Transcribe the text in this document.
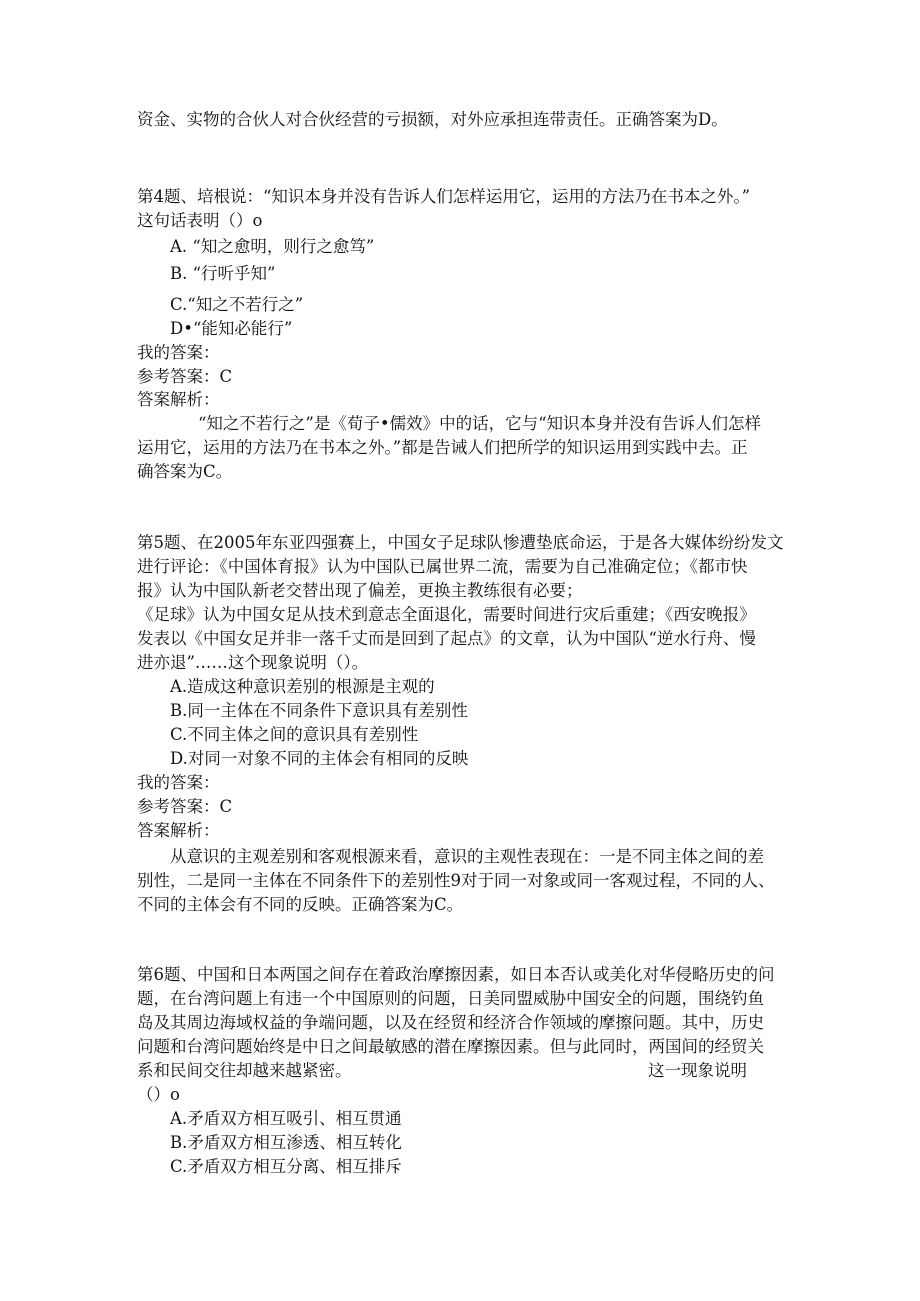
资金、实物的合伙人对合伙经营的亏损额，对外应承担连带责任。正确答案为D。
第4题、培根说：“知识本身并没有告诉人们怎样运用它，运用的方法乃在书本之外。”
这句话表明（）o
A. “知之愈明，则行之愈笃”
B. “行听乎知”
C.“知之不若行之”
D•“能知必能行”
我的答案：
参考答案：C
答案解析：
“知之不若行之”是《荀子•儒效》中的话，它与“知识本身并没有告诉人们怎样
运用它，运用的方法乃在书本之外。”都是告诫人们把所学的知识运用到实践中去。正
确答案为C。
第5题、在2005年东亚四强赛上，中国女子足球队惨遭垫底命运，于是各大媒体纷纷发文
进行评论：《中国体育报》认为中国队已属世界二流，需要为自己准确定位；《都市快
报》认为中国队新老交替出现了偏差，更换主教练很有必要；
《足球》认为中国女足从技术到意志全面退化，需要时间进行灾后重建；《西安晚报》
发表以《中国女足并非一落千丈而是回到了起点》的文章，认为中国队“逆水行舟、慢
进亦退”……这个现象说明（）。
A.造成这种意识差别的根源是主观的
B.同一主体在不同条件下意识具有差别性
C.不同主体之间的意识具有差别性
D.对同一对象不同的主体会有相同的反映
我的答案：
参考答案：C
答案解析：
从意识的主观差别和客观根源来看，意识的主观性表现在：一是不同主体之间的差
别性，二是同一主体在不同条件下的差别性9对于同一对象或同一客观过程，不同的人、
不同的主体会有不同的反映。正确答案为C。
第6题、中国和日本两国之间存在着政治摩擦因素，如日本否认或美化对华侵略历史的问
题，在台湾问题上有违一个中国原则的问题，日美同盟威胁中国安全的问题，围绕钓鱼
岛及其周边海域权益的争端问题，以及在经贸和经济合作领域的摩擦问题。其中，历史
问题和台湾问题始终是中日之间最敏感的潜在摩擦因素。但与此同时，两国间的经贸关
系和民间交往却越来越紧密。	这一现象说明
（）o
A.矛盾双方相互吸引、相互贯通
B.矛盾双方相互渗透、相互转化
C.矛盾双方相互分离、相互排斥
